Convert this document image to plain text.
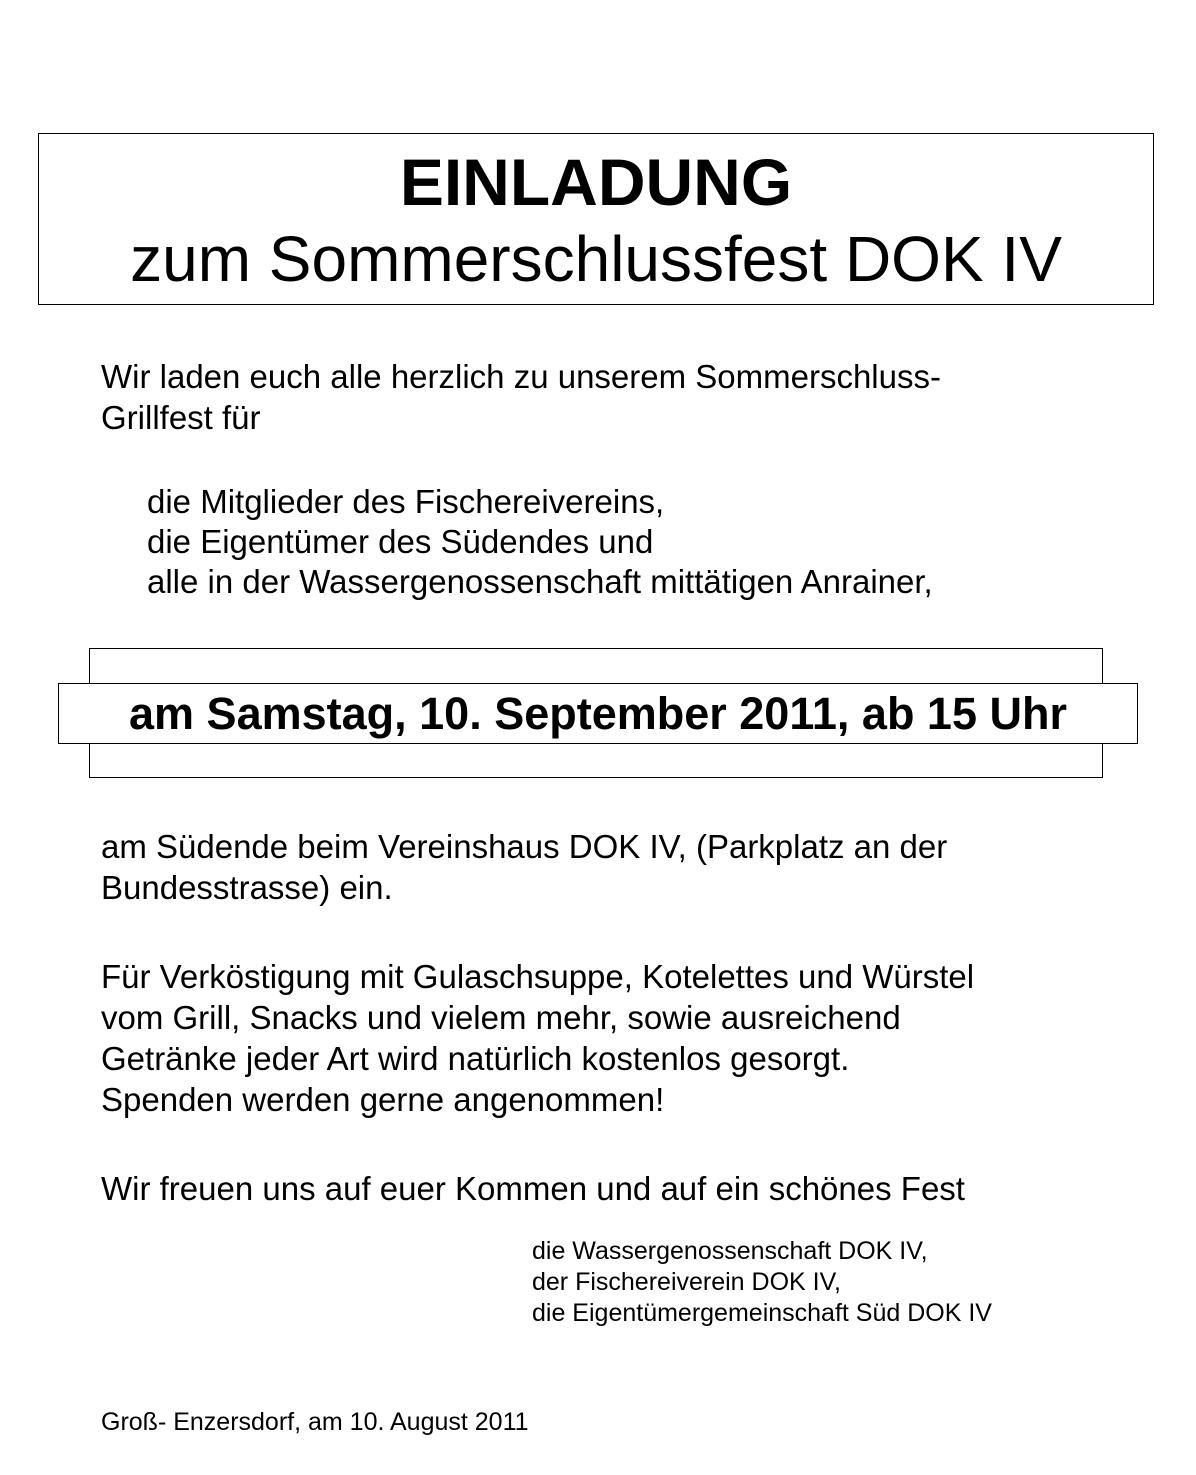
EINLADUNG
zum Sommerschlussfest DOK IV

Wir laden euch alle herzlich zu unserem Sommerschluss-
Grillfest für

die Mitglieder des Fischereivereins,
die Eigentümer des Südendes und
alle in der Wassergenossenschaft mittätigen Anrainer,

am Samstag, 10. September 2011, ab 15 Uhr

am Südende beim Vereinshaus DOK IV, (Parkplatz an der
Bundesstrasse) ein.

Für Verköstigung mit Gulaschsuppe, Kotelettes und Würstel
vom Grill, Snacks und vielem mehr, sowie ausreichend
Getränke jeder Art wird natürlich kostenlos gesorgt.
Spenden werden gerne angenommen!

Wir freuen uns auf euer Kommen und auf ein schönes Fest

die Wassergenossenschaft DOK IV,
der Fischereiverein DOK IV,
die Eigentümergemeinschaft Süd DOK IV

Groß- Enzersdorf, am 10. August 2011
